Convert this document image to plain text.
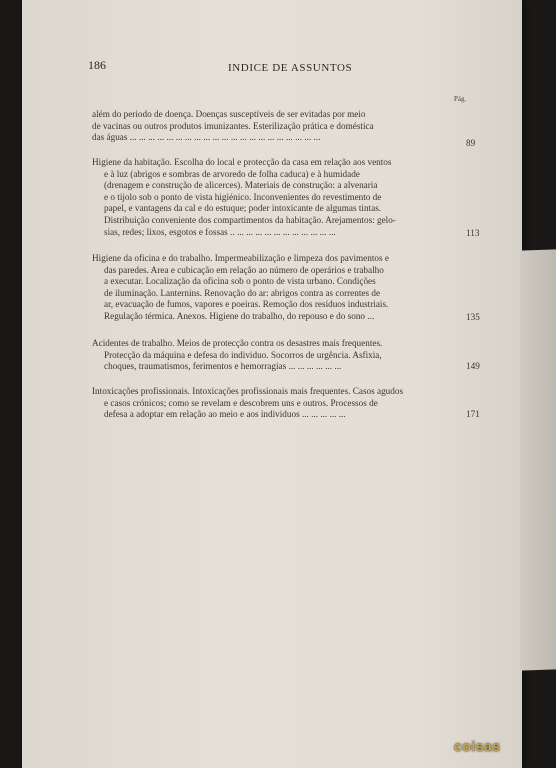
186	INDICE DE ASSUNTOS
Pág.
além do periodo de doença. Doenças susceptíveis de ser evitadas por meio
de vacinas ou outros produtos imunizantes. Esterilização prática e doméstica
das águas ... ... ... ... ... ... ... ... ... ... ... ... ... ... ... ... ... ... ... ... ...
89
Higiene da habitação. Escolha do local e protecção da casa em relação aos ventos
e à luz (abrigos e sombras de arvoredo de folha caduca) e à humidade
(drenagem e construção de alicerces). Materiais de construção: a alvenaria
e o tijolo sob o ponto de vista higiénico. Inconvenientes do revestimento de
papel, e vantagens da cal e do estuque; poder intoxicante de algumas tintas.
Distribuição conveniente dos compartimentos da habitação. Arejamentos: gelo-
sias, redes; lixos, esgotos e fossas .. ... ... ... ... ... ... ... ... ... ... ...	113
Higiene da oficina e do trabalho. Impermeabilização e limpeza dos pavimentos e
das paredes. Area e cubicação em relação ao número de operários e trabalho
a executar. Localização da oficina sob o ponto de vista urbano. Condições
de iluminação. Lanternins. Renovação do ar: abrigos contra as correntes de
ar, evacuação de fumos, vapores e poeiras. Remoção dos resíduos industriais.
Regulação térmica. Anexos. Higiene do trabalho, do repouso e do sono ...	135
Acidentes de trabalho. Meios de protecção contra os desastres mais frequentes.
Protecção da máquina e defesa do individuo. Socorros de urgência. Asfixia,
choques, traumatismos, ferimentos e hemorragias ... ... ... ... ... ...	149
Intoxicações profissionais. Intoxicações profissionais mais frequentes. Casos agudos
e casos crónicos; como se revelam e descobrem uns e outros. Processos de
defesa a adoptar em relação ao meio e aos individuos ... ... ... ... ...	171
coisas
